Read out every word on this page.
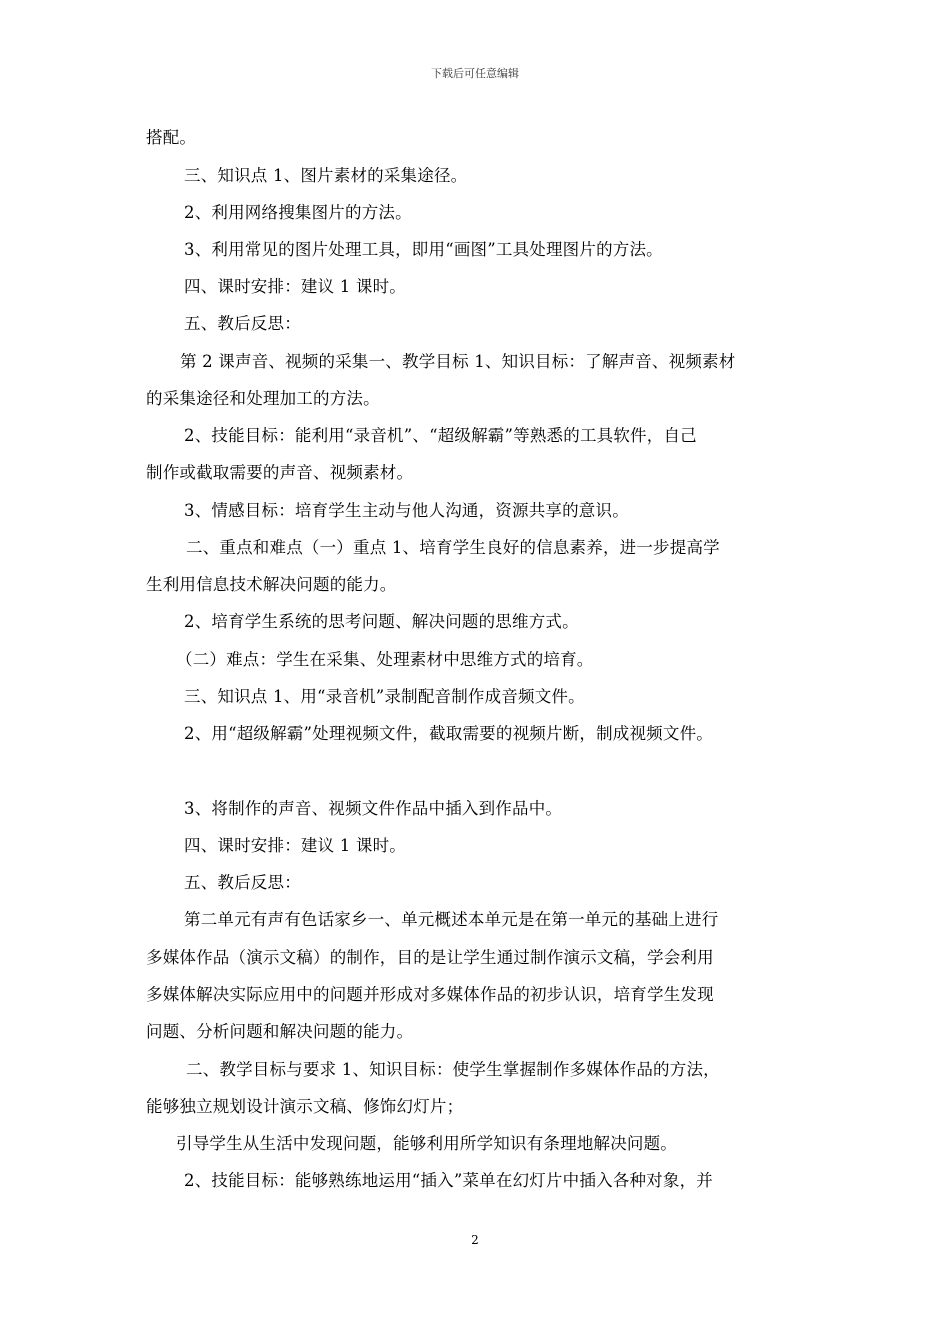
下载后可任意编辑
搭配。
三、知识点 1、图片素材的采集途径。
2、利用网络搜集图片的方法。
3、利用常见的图片处理工具，即用“画图”工具处理图片的方法。
四、课时安排：建议 1 课时。
五、教后反思：
第 2 课声音、视频的采集一、教学目标 1、知识目标：了解声音、视频素材
的采集途径和处理加工的方法。
2、技能目标：能利用“录音机”、“超级解霸”等熟悉的工具软件，自己
制作或截取需要的声音、视频素材。
3、情感目标：培育学生主动与他人沟通，资源共享的意识。
二、重点和难点（一）重点 1、培育学生良好的信息素养，进一步提高学
生利用信息技术解决问题的能力。
2、培育学生系统的思考问题、解决问题的思维方式。
（二）难点：学生在采集、处理素材中思维方式的培育。
三、知识点 1、用“录音机”录制配音制作成音频文件。
2、用“超级解霸”处理视频文件，截取需要的视频片断，制成视频文件。
3、将制作的声音、视频文件作品中插入到作品中。
四、课时安排：建议 1 课时。
五、教后反思：
第二单元有声有色话家乡一、单元概述本单元是在第一单元的基础上进行
多媒体作品（演示文稿）的制作，目的是让学生通过制作演示文稿，学会利用
多媒体解决实际应用中的问题并形成对多媒体作品的初步认识，培育学生发现
问题、分析问题和解决问题的能力。
二、教学目标与要求 1、知识目标：使学生掌握制作多媒体作品的方法，
能够独立规划设计演示文稿、修饰幻灯片；
引导学生从生活中发现问题，能够利用所学知识有条理地解决问题。
2、技能目标：能够熟练地运用“插入”菜单在幻灯片中插入各种对象，并
2
